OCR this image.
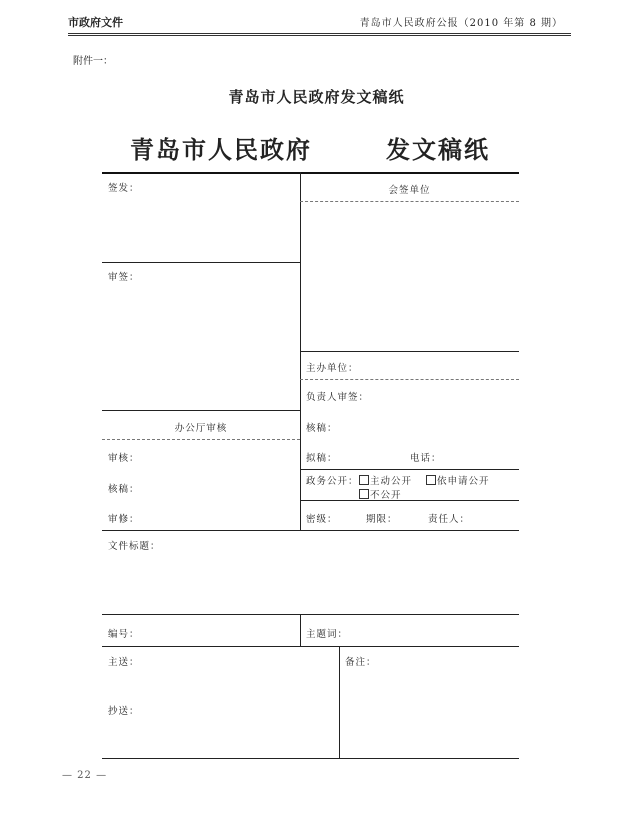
市政府文件	青岛市人民政府公报（2010 年第 8 期）
附件一：
青岛市人民政府发文稿纸
青岛市人民政府	发文稿纸
签发：
审签：
办公厅审核
审核：
核稿：
审修：
会签单位
主办单位：
负责人审签：
核稿：
拟稿：	电话：
政务公开：	主动公开	依申请公开
不公开
密级：	期限：	责任人：
文件标题：
编号：	主题词：
主送：	备注：
抄送：
— 22 —
